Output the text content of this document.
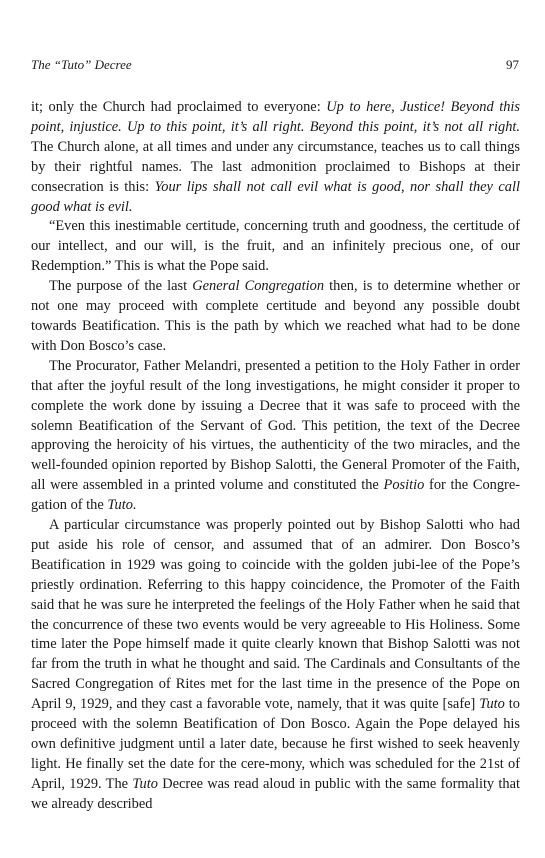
The “Tuto” Decree	97

it; only the Church had proclaimed to everyone: Up to here, Justice! Beyond this point, injustice. Up to this point, it’s all right. Beyond this point, it’s not all right. The Church alone, at all times and under any circumstance, teaches us to call things by their rightful names. The last admonition proclaimed to Bishops at their consecration is this: Your lips shall not call evil what is good, nor shall they call good what is evil.

“Even this inestimable certitude, concerning truth and goodness, the certitude of our intellect, and our will, is the fruit, and an infinitely precious one, of our Redemption.” This is what the Pope said.

The purpose of the last General Congregation then, is to determine whether or not one may proceed with complete certitude and beyond any possible doubt towards Beatification. This is the path by which we reached what had to be done with Don Bosco’s case.

The Procurator, Father Melandri, presented a petition to the Holy Father in order that after the joyful result of the long investigations, he might consider it proper to complete the work done by issuing a Decree that it was safe to proceed with the solemn Beatification of the Servant of God. This petition, the text of the Decree approving the heroicity of his virtues, the authenticity of the two miracles, and the well-founded opinion reported by Bishop Salotti, the General Promoter of the Faith, all were assembled in a printed volume and constituted the Positio for the Congre-gation of the Tuto.

A particular circumstance was properly pointed out by Bishop Salotti who had put aside his role of censor, and assumed that of an admirer. Don Bosco’s Beatification in 1929 was going to coincide with the golden jubi-lee of the Pope’s priestly ordination. Referring to this happy coincidence, the Promoter of the Faith said that he was sure he interpreted the feelings of the Holy Father when he said that the concurrence of these two events would be very agreeable to His Holiness. Some time later the Pope himself made it quite clearly known that Bishop Salotti was not far from the truth in what he thought and said. The Cardinals and Consultants of the Sacred Congregation of Rites met for the last time in the presence of the Pope on April 9, 1929, and they cast a favorable vote, namely, that it was quite [safe] Tuto to proceed with the solemn Beatification of Don Bosco. Again the Pope delayed his own definitive judgment until a later date, because he first wished to seek heavenly light. He finally set the date for the cere-mony, which was scheduled for the 21st of April, 1929. The Tuto Decree was read aloud in public with the same formality that we already described
